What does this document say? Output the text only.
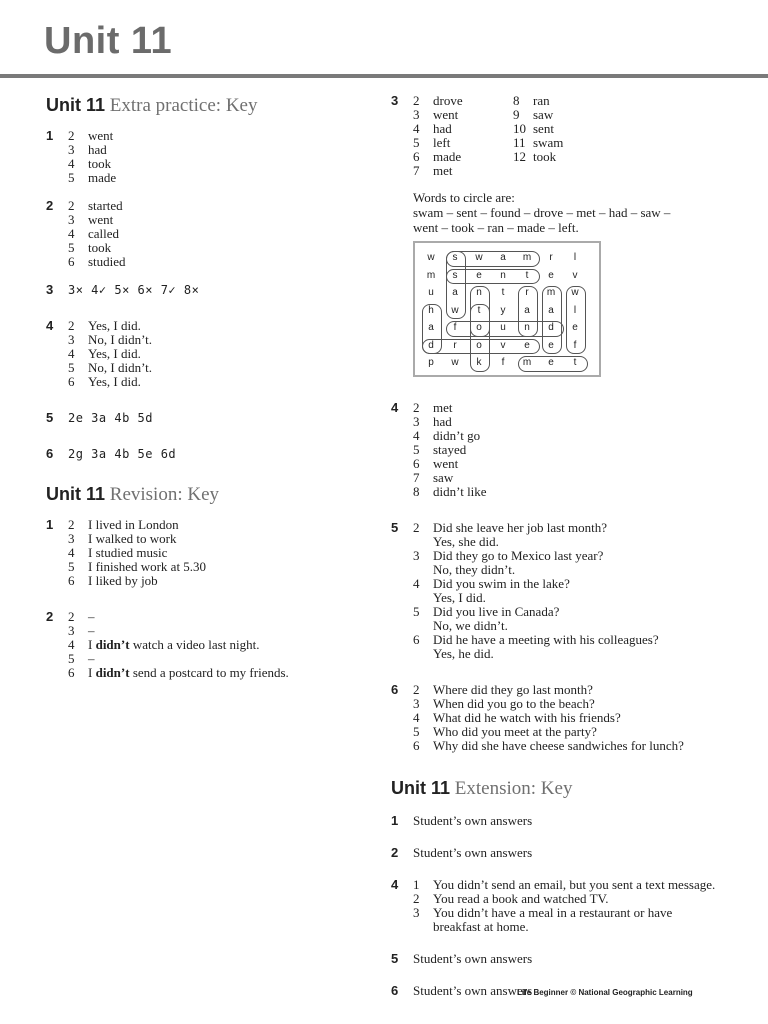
Unit 11
Unit 11 Extra practice: Key
1 2	went
3	had
4	took
5	made
2 2	started
3	went
4	called
5	took
6	studied
3 3× 4✓ 5× 6× 7✓ 8×
4 2	Yes, I did.
3	No, I didn’t.
4	Yes, I did.
5	No, I didn’t.
6	Yes, I did.
5 2e 3a 4b 5d
6 2g 3a 4b 5e 6d
Unit 11 Revision: Key
1 2	I lived in London
3	I walked to work
4	I studied music
5	I finished work at 5.30
6	I liked by job
2 2	–
3	–
4	I didn’t watch a video last night.
5	–
6	I didn’t send a postcard to my friends.
3 2	drove
3	went
4	had
5	left
6	made
7	met
8	ran
9	saw
10 sent
11 swam
12 took
Words to circle are:
swam – sent – found – drove – met – had – saw –
went – took – ran – made – left.
w	s	w	a	m	r	l
m	s	e	n	t	e	v
u	a	n	t	r	m	w
h	w	t	y	a	a	l
a	f	o	u	n	d	e
d	r	o	v	e	e	f
p	w	k	f	m	e	t
4 2	met
3	had
4	didn’t go
5	stayed
6	went
7	saw
8	didn’t like
5 2	Did she leave her job last month?
Yes, she did.
3	Did they go to Mexico last year?
No, they didn’t.
4	Did you swim in the lake?
Yes, I did.
5	Did you live in Canada?
No, we didn’t.
6	Did he have a meeting with his colleagues?
Yes, he did.
6 2	Where did they go last month?
3	When did you go to the beach?
4	What did he watch with his friends?
5	Who did you meet at the party?
6	Why did she have cheese sandwiches for lunch?
Unit 11 Extension: Key
1 Student’s own answers
2 Student’s own answers
4 1	You didn’t send an email, but you sent a text message.
2	You read a book and watched TV.
3	You didn’t have a meal in a restaurant or have
breakfast at home.
5 Student’s own answers
6 Student’s own answers
Life Beginner © National Geographic Learning
